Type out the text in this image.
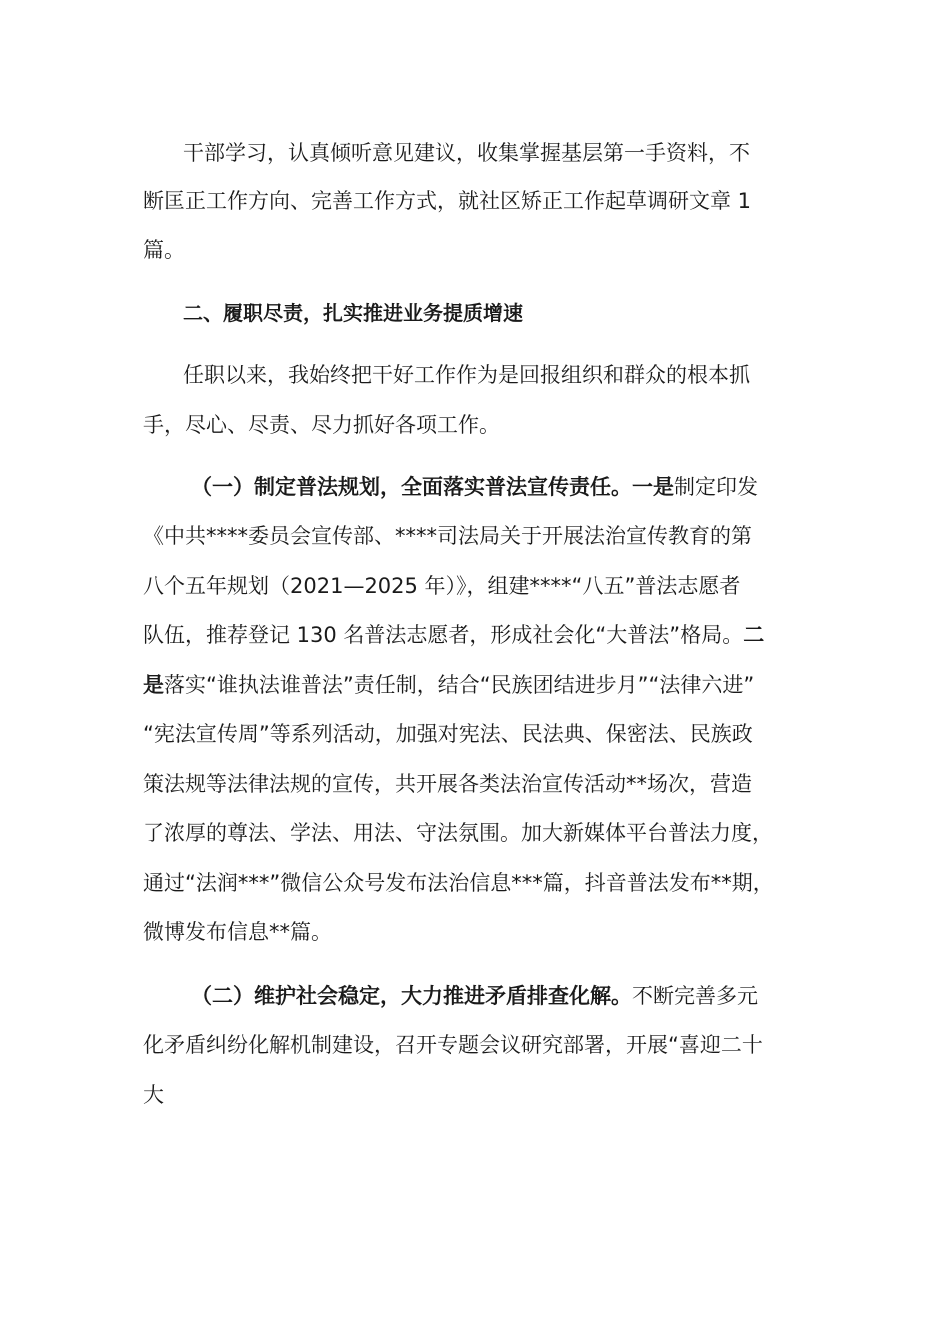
干部学习，认真倾听意见建议，收集掌握基层第一手资料，不
断匡正工作方向、完善工作方式，就社区矫正工作起草调研文章 1
篇。
二、履职尽责，扎实推进业务提质增速
任职以来，我始终把干好工作作为是回报组织和群众的根本抓
手，尽心、尽责、尽力抓好各项工作。
（一）制定普法规划，全面落实普法宣传责任。一是制定印发
《中共****委员会宣传部、****司法局关于开展法治宣传教育的第
八个五年规划（2021—2025 年）》，组建****“八五”普法志愿者
队伍，推荐登记 130 名普法志愿者，形成社会化“大普法”格局。二
是落实“谁执法谁普法”责任制，结合“民族团结进步月”“法律六进”
“宪法宣传周”等系列活动，加强对宪法、民法典、保密法、民族政
策法规等法律法规的宣传，共开展各类法治宣传活动**场次，营造
了浓厚的尊法、学法、用法、守法氛围。加大新媒体平台普法力度，
通过“法润***”微信公众号发布法治信息***篇，抖音普法发布**期，
微博发布信息**篇。
（二）维护社会稳定，大力推进矛盾排查化解。不断完善多元
化矛盾纠纷化解机制建设，召开专题会议研究部署，开展“喜迎二十
大
